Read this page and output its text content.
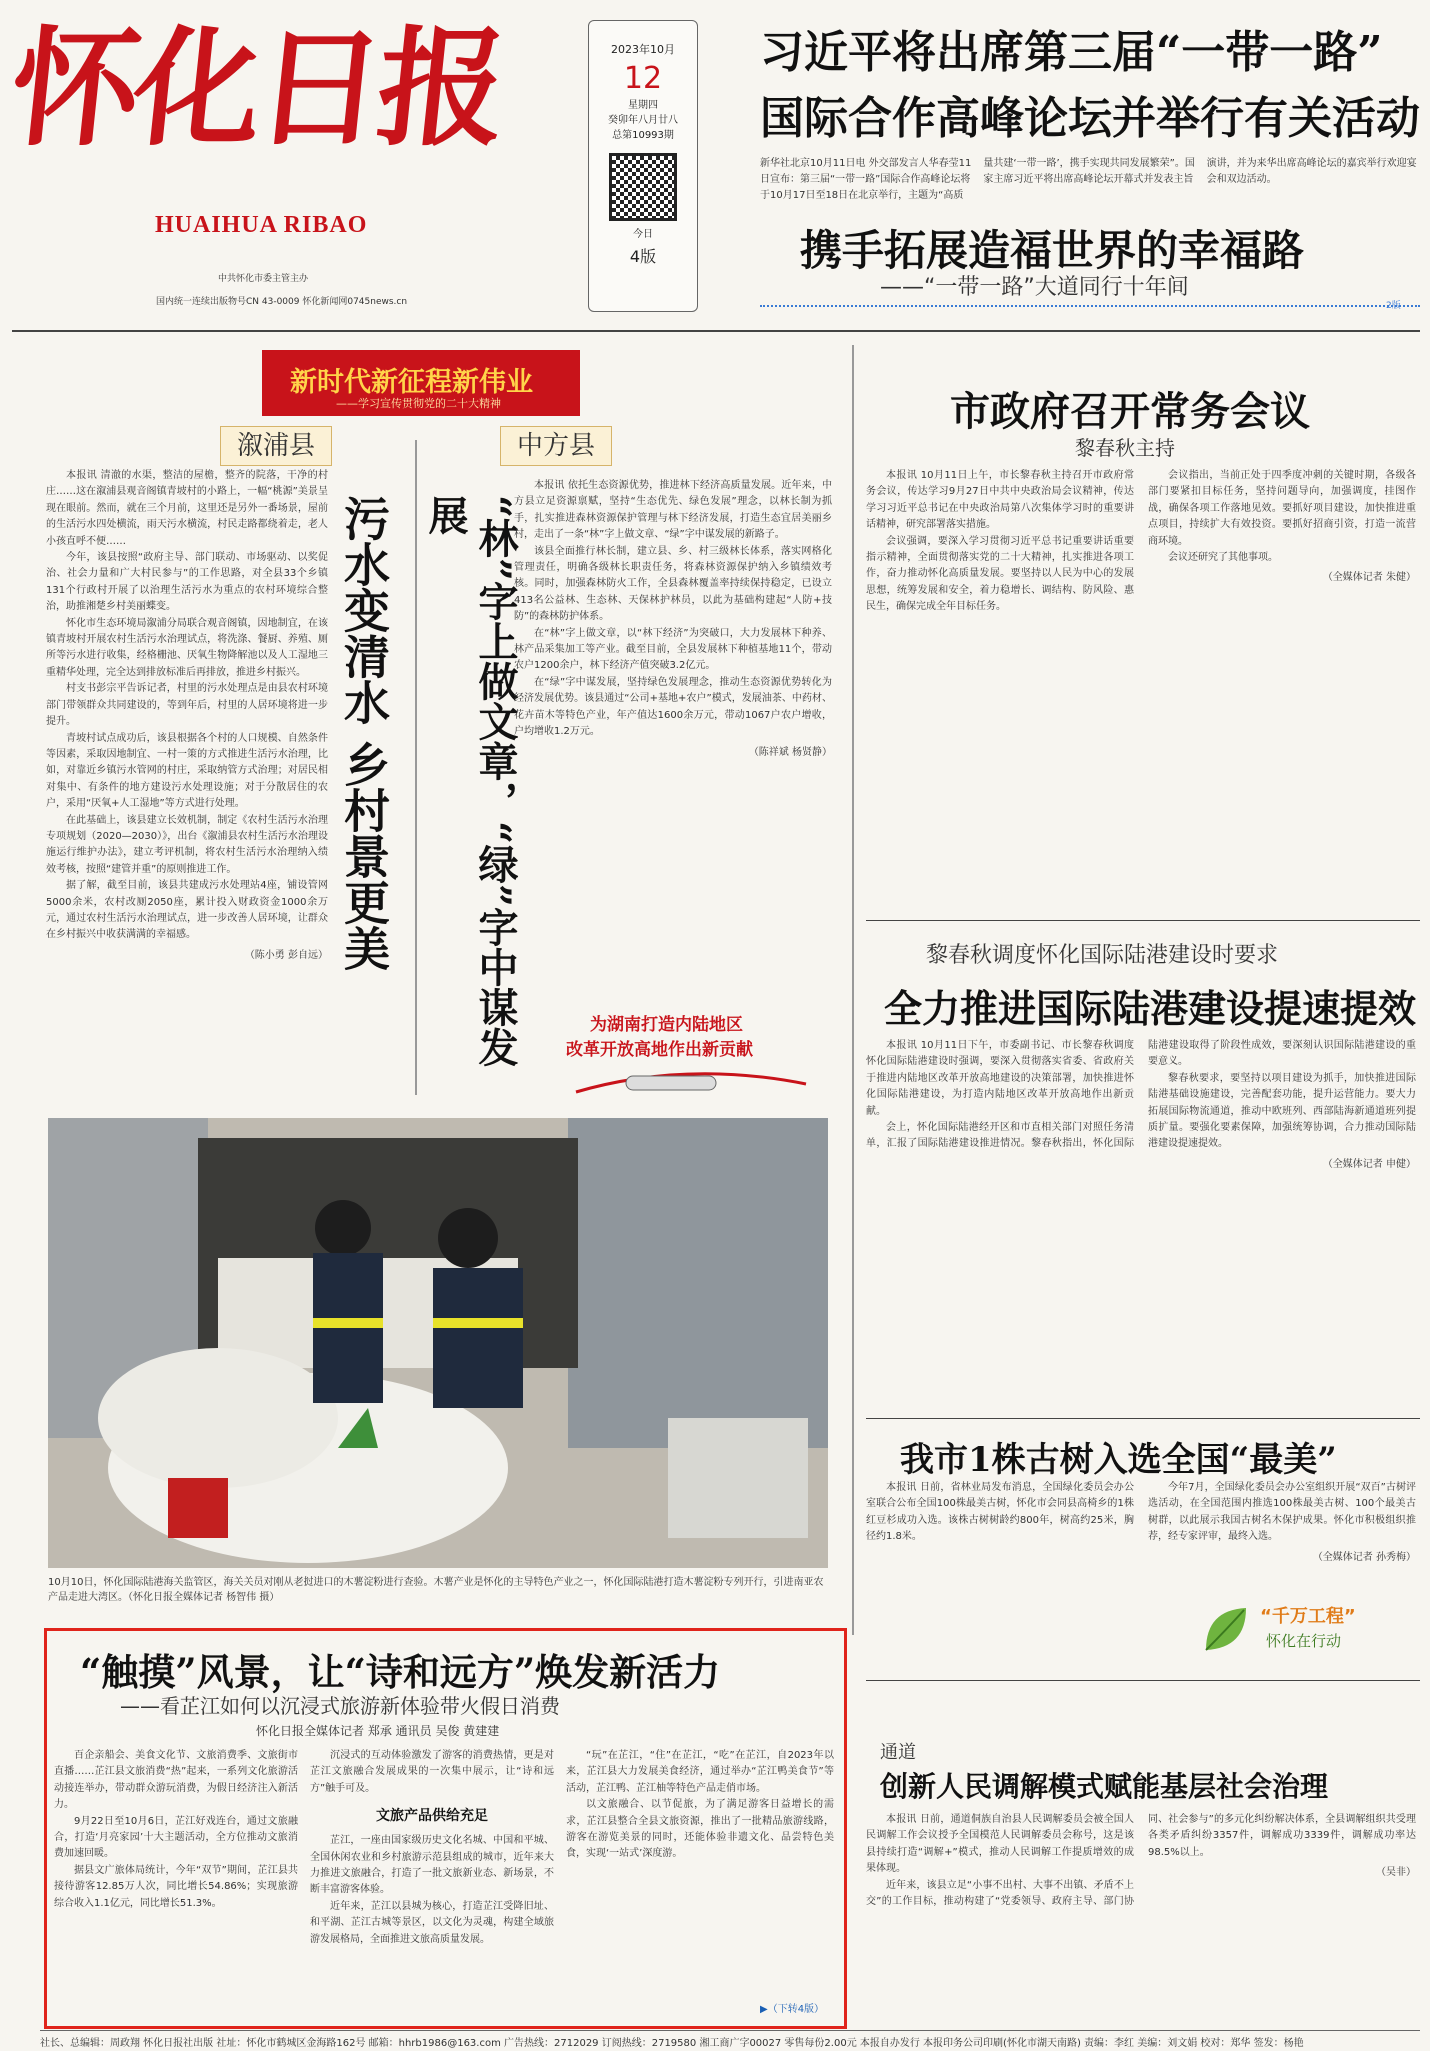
怀化日报
HUAIHUA RIBAO
中共怀化市委主管主办
国内统一连续出版物号CN 43-0009 怀化新闻网0745news.cn
2023年10月
12
星期四
癸卯年八月廿八
总第10993期
今日
4版
习近平将出席第三届“一带一路”
国际合作高峰论坛并举行有关活动
新华社北京10月11日电 外交部发言人华春莹11日宣布：第三届“一带一路”国际合作高峰论坛将于10月17日至18日在北京举行，主题为“高质量共建‘一带一路’，携手实现共同发展繁荣”。国家主席习近平将出席高峰论坛开幕式并发表主旨演讲，并为来华出席高峰论坛的嘉宾举行欢迎宴会和双边活动。
携手拓展造福世界的幸福路
——“一带一路”大道同行十年间
2版
新时代新征程新伟业
——学习宣传贯彻党的二十大精神
溆浦县

本报讯 清澈的水渠，整洁的屋檐，整齐的院落，干净的村庄……这在溆浦县观音阁镇青坡村的小路上，一幅“桃源”美景呈现在眼前。然而，就在三个月前，这里还是另外一番场景，屋前的生活污水四处横流，雨天污水横流，村民走路都绕着走，老人小孩直呼不便……

今年，该县按照“政府主导、部门联动、市场驱动、以奖促治、社会力量和广大村民参与”的工作思路，对全县33个乡镇131个行政村开展了以治理生活污水为重点的农村环境综合整治，助推湘楚乡村美丽蝶变。

怀化市生态环境局溆浦分局联合观音阁镇，因地制宜，在该镇青坡村开展农村生活污水治理试点，将洗涤、餐厨、养殖、厕所等污水进行收集，经格栅池、厌氧生物降解池以及人工湿地三重精华处理，完全达到排放标准后再排放，推进乡村振兴。

村支书彭宗平告诉记者，村里的污水处理点是由县农村环境部门带领群众共同建设的，等到年后，村里的人居环境将进一步提升。

青坡村试点成功后，该县根据各个村的人口规模、自然条件等因素，采取因地制宜、一村一策的方式推进生活污水治理，比如，对靠近乡镇污水管网的村庄，采取纳管方式治理；对居民相对集中、有条件的地方建设污水处理设施；对于分散居住的农户，采用“厌氧+人工湿地”等方式进行处理。

在此基础上，该县建立长效机制，制定《农村生活污水治理专项规划（2020—2030）》，出台《溆浦县农村生活污水治理设施运行维护办法》，建立考评机制，将农村生活污水治理纳入绩效考核，按照“建管并重”的原则推进工作。

据了解，截至目前，该县共建成污水处理站4座，铺设管网5000余米，农村改厕2050座，累计投入财政资金1000余万元，通过农村生活污水治理试点，进一步改善人居环境，让群众在乡村振兴中收获满满的幸福感。

（陈小勇 彭自远） 污水变清水 乡村景更美
中方县
“林”字上做文章，“绿”字中谋发展

本报讯 依托生态资源优势，推进林下经济高质量发展。近年来，中方县立足资源禀赋，坚持“生态优先、绿色发展”理念，以林长制为抓手，扎实推进森林资源保护管理与林下经济发展，打造生态宜居美丽乡村，走出了一条“林”字上做文章、“绿”字中谋发展的新路子。

该县全面推行林长制，建立县、乡、村三级林长体系，落实网格化管理责任，明确各级林长职责任务，将森林资源保护纳入乡镇绩效考核。同时，加强森林防火工作，全县森林覆盖率持续保持稳定，已设立413名公益林、生态林、天保林护林员，以此为基础构建起“人防+技防”的森林防护体系。

在“林”字上做文章，以“林下经济”为突破口，大力发展林下种养、林产品采集加工等产业。截至目前，全县发展林下种植基地11个，带动农户1200余户，林下经济产值突破3.2亿元。

在“绿”字中谋发展，坚持绿色发展理念，推动生态资源优势转化为经济发展优势。该县通过“公司+基地+农户”模式，发展油茶、中药材、花卉苗木等特色产业，年产值达1600余万元，带动1067户农户增收，户均增收1.2万元。

（陈祥斌 杨贤静）
为湖南打造内陆地区
改革开放高地作出新贡献
10月10日，怀化国际陆港海关监管区，海关关员对刚从老挝进口的木薯淀粉进行查验。木薯产业是怀化的主导特色产业之一，怀化国际陆港打造木薯淀粉专列开行，引进南亚农产品走进大湾区。（怀化日报全媒体记者 杨智伟 摄）
市政府召开常务会议
黎春秋主持

本报讯 10月11日上午，市长黎春秋主持召开市政府常务会议，传达学习9月27日中共中央政治局会议精神，传达学习习近平总书记在中央政治局第八次集体学习时的重要讲话精神，研究部署落实措施。

会议强调，要深入学习贯彻习近平总书记重要讲话重要指示精神，全面贯彻落实党的二十大精神，扎实推进各项工作，奋力推动怀化高质量发展。要坚持以人民为中心的发展思想，统筹发展和安全，着力稳增长、调结构、防风险、惠民生，确保完成全年目标任务。

会议指出，当前正处于四季度冲刺的关键时期，各级各部门要紧扣目标任务，坚持问题导向，加强调度，挂图作战，确保各项工作落地见效。要抓好项目建设，加快推进重点项目，持续扩大有效投资。要抓好招商引资，打造一流营商环境。

会议还研究了其他事项。

（全媒体记者 朱健）
黎春秋调度怀化国际陆港建设时要求
全力推进国际陆港建设提速提效

本报讯 10月11日下午，市委副书记、市长黎春秋调度怀化国际陆港建设时强调，要深入贯彻落实省委、省政府关于推进内陆地区改革开放高地建设的决策部署，加快推进怀化国际陆港建设，为打造内陆地区改革开放高地作出新贡献。

会上，怀化国际陆港经开区和市直相关部门对照任务清单，汇报了国际陆港建设推进情况。黎春秋指出，怀化国际陆港建设取得了阶段性成效，要深刻认识国际陆港建设的重要意义。

黎春秋要求，要坚持以项目建设为抓手，加快推进国际陆港基础设施建设，完善配套功能，提升运营能力。要大力拓展国际物流通道，推动中欧班列、西部陆海新通道班列提质扩量。要强化要素保障，加强统筹协调，合力推动国际陆港建设提速提效。

（全媒体记者 申健）
我市1株古树入选全国“最美”

本报讯 日前，省林业局发布消息，全国绿化委员会办公室联合公布全国100株最美古树，怀化市会同县高椅乡的1株红豆杉成功入选。该株古树树龄约800年，树高约25米，胸径约1.8米。

今年7月，全国绿化委员会办公室组织开展“双百”古树评选活动，在全国范围内推选100株最美古树、100个最美古树群，以此展示我国古树名木保护成果。怀化市积极组织推荐，经专家评审，最终入选。

（全媒体记者 孙秀梅）
“千万工程”
怀化在行动
通道
创新人民调解模式赋能基层社会治理

本报讯 日前，通道侗族自治县人民调解委员会被全国人民调解工作会议授予全国模范人民调解委员会称号，这是该县持续打造“调解+”模式，推动人民调解工作提质增效的成果体现。

近年来，该县立足“小事不出村、大事不出镇、矛盾不上交”的工作目标，推动构建了“党委领导、政府主导、部门协同、社会参与”的多元化纠纷解决体系，全县调解组织共受理各类矛盾纠纷3357件，调解成功3339件，调解成功率达98.5%以上。

（吴非）
“触摸”风景，让“诗和远方”焕发新活力
——看芷江如何以沉浸式旅游新体验带火假日消费
怀化日报全媒体记者 郑承 通讯员 吴俊 黄建建

百企亲船会、美食文化节、文旅消费季、文旅街市直播……芷江县文旅消费“热”起来，一系列文化旅游活动接连举办，带动群众游玩消费，为假日经济注入新活力。

9月22日至10月6日，芷江好戏连台，通过文旅融合，打造‘月亮家园’十大主题活动，全方位推动文旅消费加速回暖。

据县文广旅体局统计，今年“双节”期间，芷江县共接待游客12.85万人次，同比增长54.86%；实现旅游综合收入1.1亿元，同比增长51.3%。

沉浸式的互动体验激发了游客的消费热情，更是对芷江文旅融合发展成果的一次集中展示，让“诗和远方”触手可及。

文旅产品供给充足

芷江，一座由国家级历史文化名城、中国和平城、全国休闲农业和乡村旅游示范县组成的城市，近年来大力推进文旅融合，打造了一批文旅新业态、新场景，不断丰富游客体验。

近年来，芷江以县城为核心，打造芷江受降旧址、和平湖、芷江古城等景区，以文化为灵魂，构建全域旅游发展格局，全面推进文旅高质量发展。

“玩”在芷江，“住”在芷江，“吃”在芷江，自2023年以来，芷江县大力发展美食经济，通过举办“芷江鸭美食节”等活动，芷江鸭、芷江柚等特色产品走俏市场。

以文旅融合、以节促旅，为了满足游客日益增长的需求，芷江县整合全县文旅资源，推出了一批精品旅游线路，游客在游览美景的同时，还能体验非遗文化、品尝特色美食，实现‘一站式’深度游。

▶（下转4版）
社长、总编辑：周政翔 怀化日报社出版 社址：怀化市鹤城区金海路162号 邮箱：hhrb1986@163.com 广告热线：2712029 订阅热线：2719580 湘工商广字00027 零售每份2.00元 本报自办发行 本报印务公司印刷(怀化市湖天南路) 责编：李红 美编：刘文娟 校对：郑华 签发：杨艳
